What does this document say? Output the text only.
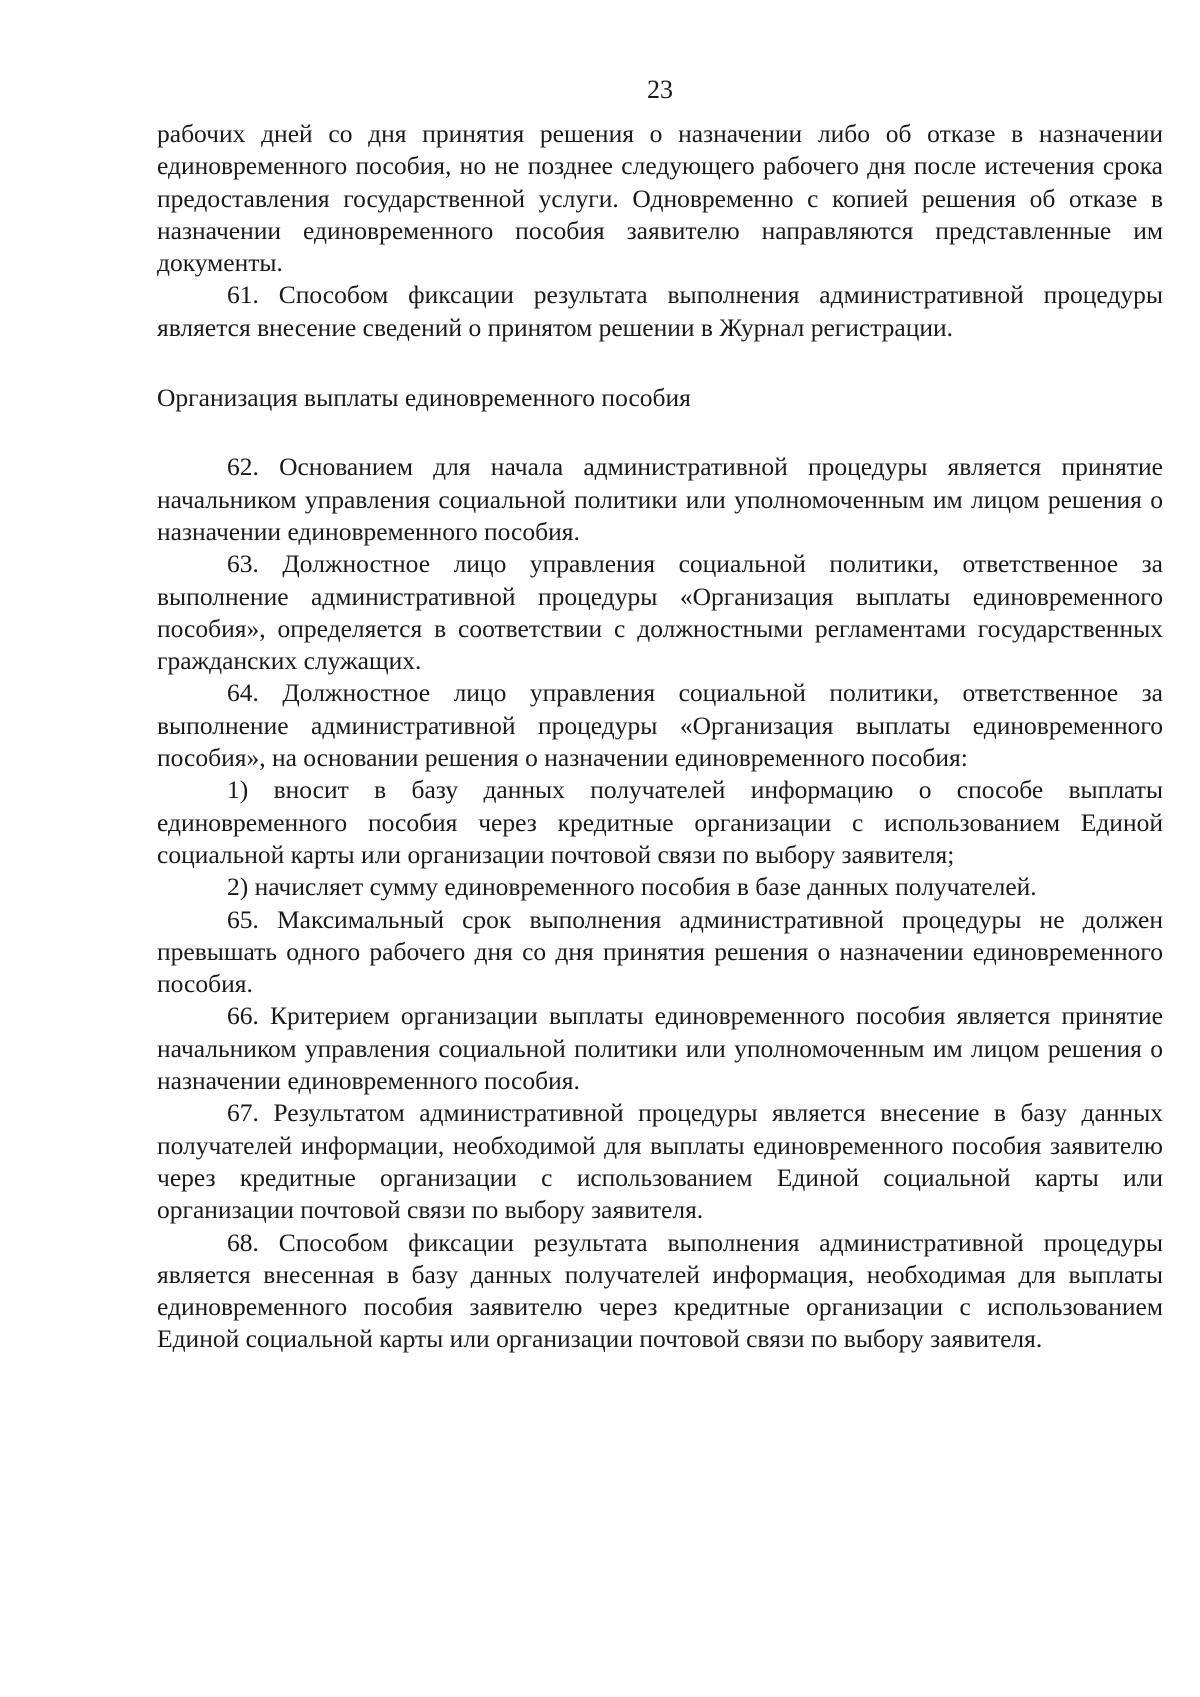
23

рабочих дней со дня принятия решения о назначении либо об отказе в назначении единовременного пособия, но не позднее следующего рабочего дня после истечения срока предоставления государственной услуги. Одновременно с копией решения об отказе в назначении единовременного пособия заявителю направляются представленные им документы.

61. Способом фиксации результата выполнения административной процедуры является внесение сведений о принятом решении в Журнал регистрации.

Организация выплаты единовременного пособия

62. Основанием для начала административной процедуры является принятие начальником управления социальной политики или уполномоченным им лицом решения о назначении единовременного пособия.

63. Должностное лицо управления социальной политики, ответственное за выполнение административной процедуры «Организация выплаты единовременного пособия», определяется в соответствии с должностными регламентами государственных гражданских служащих.

64. Должностное лицо управления социальной политики, ответственное за выполнение административной процедуры «Организация выплаты единовременного пособия», на основании решения о назначении единовременного пособия:

1) вносит в базу данных получателей информацию о способе выплаты единовременного пособия через кредитные организации с использованием Единой социальной карты или организации почтовой связи по выбору заявителя;

2) начисляет сумму единовременного пособия в базе данных получателей.

65. Максимальный срок выполнения административной процедуры не должен превышать одного рабочего дня со дня принятия решения о назначении единовременного пособия.

66. Критерием организации выплаты единовременного пособия является принятие начальником управления социальной политики или уполномоченным им лицом решения о назначении единовременного пособия.

67. Результатом административной процедуры является внесение в базу данных получателей информации, необходимой для выплаты единовременного пособия заявителю через кредитные организации с использованием Единой социальной карты или организации почтовой связи по выбору заявителя.

68. Способом фиксации результата выполнения административной процедуры является внесенная в базу данных получателей информация, необходимая для выплаты единовременного пособия заявителю через кредитные организации с использованием Единой социальной карты или организации почтовой связи по выбору заявителя.
